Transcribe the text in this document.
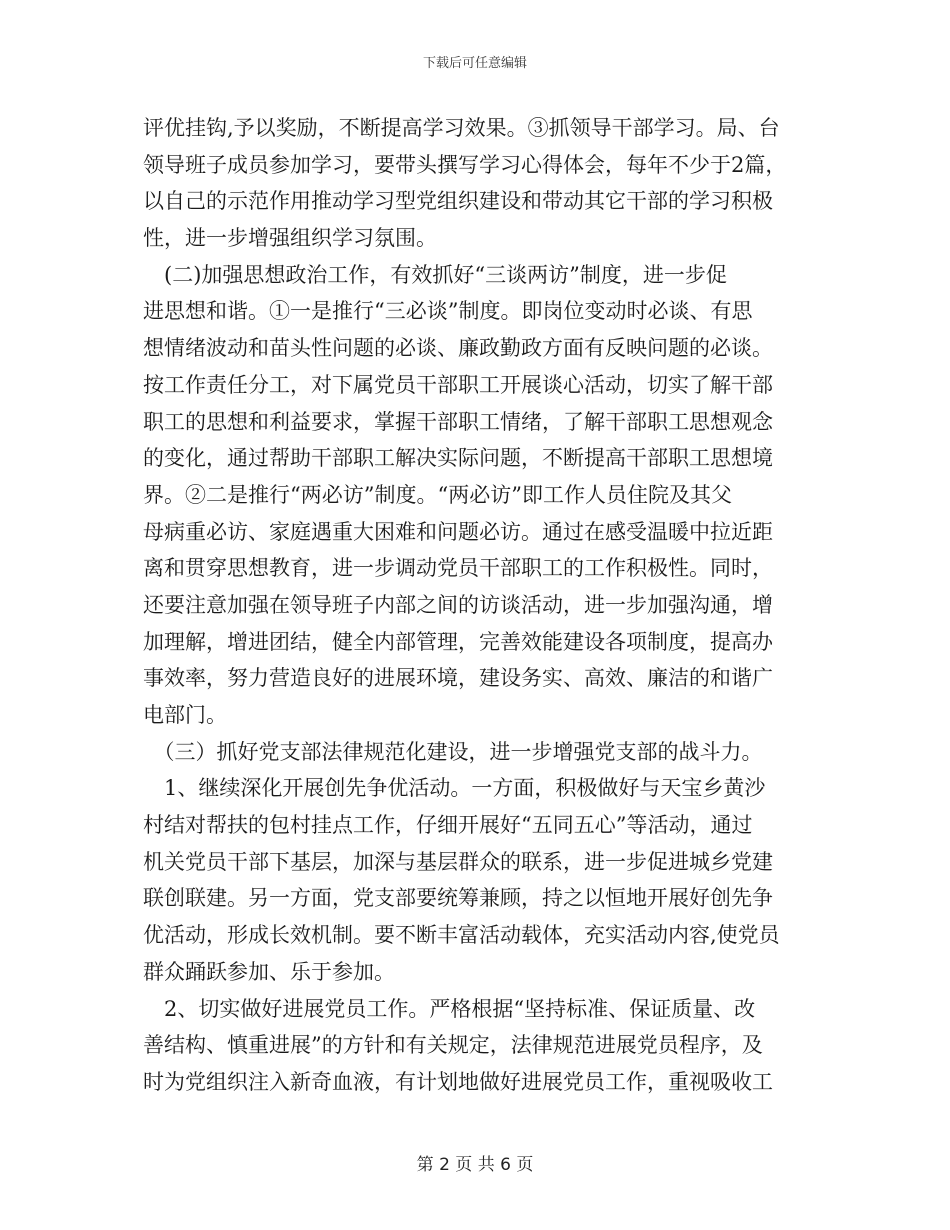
下载后可任意编辑
评优挂钩,予以奖励，不断提高学习效果。③抓领导干部学习。局、台
领导班子成员参加学习，要带头撰写学习心得体会，每年不少于2篇，
以自己的示范作用推动学习型党组织建设和带动其它干部的学习积极
性，进一步增强组织学习氛围。
　(二)加强思想政治工作，有效抓好“三谈两访”制度，进一步促
进思想和谐。①一是推行“三必谈”制度。即岗位变动时必谈、有思
想情绪波动和苗头性问题的必谈、廉政勤政方面有反映问题的必谈。
按工作责任分工，对下属党员干部职工开展谈心活动，切实了解干部
职工的思想和利益要求，掌握干部职工情绪，了解干部职工思想观念
的变化，通过帮助干部职工解决实际问题，不断提高干部职工思想境
界。②二是推行“两必访”制度。“两必访”即工作人员住院及其父
母病重必访、家庭遇重大困难和问题必访。通过在感受温暖中拉近距
离和贯穿思想教育，进一步调动党员干部职工的工作积极性。同时，
还要注意加强在领导班子内部之间的访谈活动，进一步加强沟通，增
加理解，增进团结，健全内部管理，完善效能建设各项制度，提高办
事效率，努力营造良好的进展环境，建设务实、高效、廉洁的和谐广
电部门。
　（三）抓好党支部法律规范化建设，进一步增强党支部的战斗力。
　1、继续深化开展创先争优活动。一方面，积极做好与天宝乡黄沙
村结对帮扶的包村挂点工作，仔细开展好“五同五心”等活动，通过
机关党员干部下基层，加深与基层群众的联系，进一步促进城乡党建
联创联建。另一方面，党支部要统筹兼顾，持之以恒地开展好创先争
优活动，形成长效机制。要不断丰富活动载体，充实活动内容,使党员
群众踊跃参加、乐于参加。
　2、切实做好进展党员工作。严格根据“坚持标准、保证质量、改
善结构、慎重进展”的方针和有关规定，法律规范进展党员程序，及
时为党组织注入新奇血液，有计划地做好进展党员工作，重视吸收工
第 2 页 共 6 页
